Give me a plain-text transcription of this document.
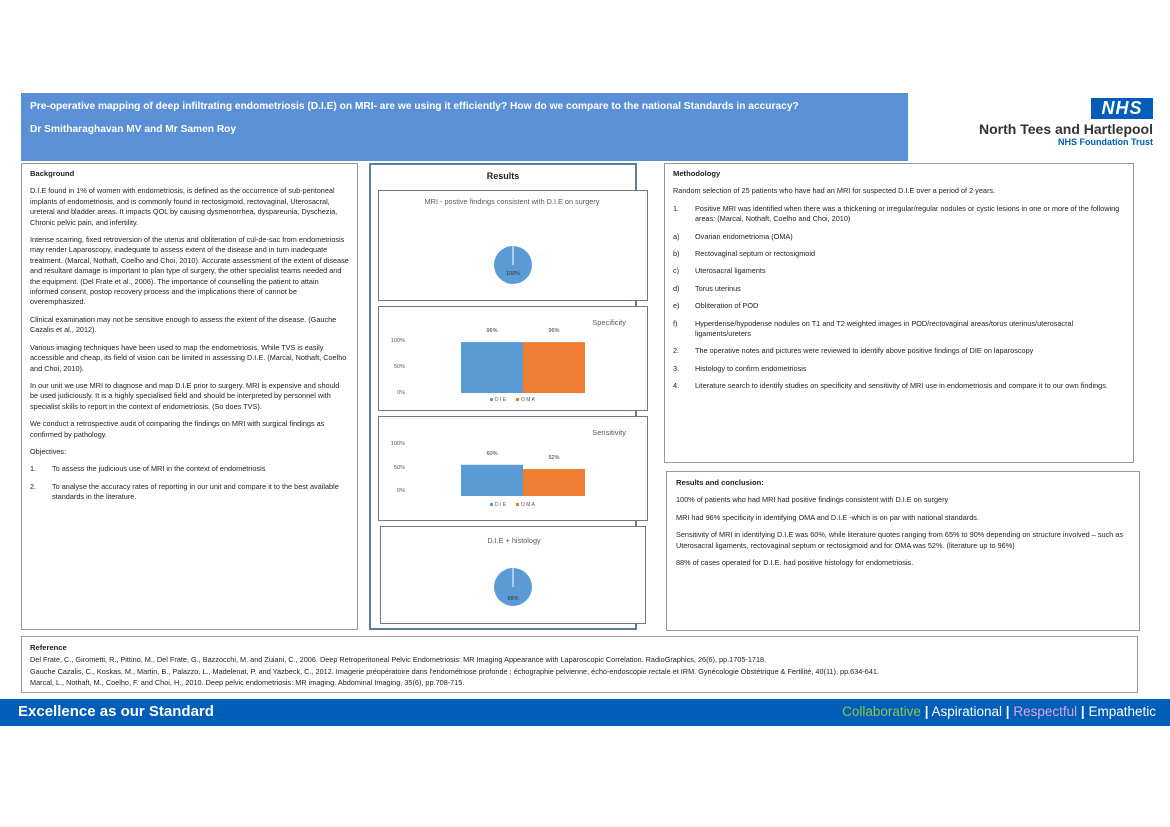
Pre-operative mapping of deep infiltrating endometriosis (D.I.E) on MRI- are we using it efficiently? How do we compare to the national Standards in accuracy?
Dr Smitharaghavan MV and Mr Samen Roy
NHS
North Tees and Hartlepool
NHS Foundation Trust
Background

D.I.E found in 1% of women with endometriosis, is defined as the occurrence of sub-peritoneal implants of endometriosis, and is commonly found in rectosigmoid, rectovaginal, Uterosacral, ureteral and bladder areas. It impacts QOL by causing dysmenorrhea, dyspareunia, Dyschezia, Chronic pelvic pain, and infertility.

Intense scarring, fixed retroversion of the uterus and obliteration of cul-de-sac from endometriosis may render Laparoscopy, inadequate to assess extent of the disease and in turn inadequate treatment. (Marcal, Nothaft, Coelho and Choi, 2010). Accurate assessment of the extent of disease and resultant damage is important to plan type of surgery, the other specialist teams needed and the equipment. (Del Frate et al., 2006). The importance of counselling the patient to attain informed consent, postop recovery process and the implications there of cannot be overemphasized.

Clinical examination may not be sensitive enough to assess the extent of the disease. (Gauche Cazalis et al., 2012).

Various imaging techniques have been used to map the endometriosis. While TVS is easily accessible and cheap, its field of vision can be limited in assessing D.I.E. (Marcal, Nothaft, Coelho and Choi, 2010).

In our unit we use MRI to diagnose and map D.I.E prior to surgery. MRI is expensive and should be used judiciously. It is a highly specialised field and should be interpreted by personnel with specialist skills to report in the context of endometriosis. (So does TVS).

We conduct a retrospective audit of comparing the findings on MRI with surgical findings as confirmed by pathology.

Objectives:

1.	To assess the judicious use of MRI in the context of endometriosis
2.	To analyse the accuracy rates of reporting in our unit and compare it to the best available standards in the literature.
Results
MRI - postive findings consistent with D.I.E on surgery
100%
Specificity
100%
50%
0%
96%	96%
D I E	O M A
Sensitivity
100%
50%
0%
60%
52%
D I E	O M A
D.I.E + histology
88%
Methodology

Random selection of 25 patients who have had an MRI for suspected D.I.E over a period of 2 years.

1.	Positive MRI was identified when there was a thickening or irregular/regular nodules or cystic lesions in one or more of the following areas: (Marcal, Nothaft, Coelho and Choi, 2010)
a)	Ovarian endometrioma (OMA)
b)	Rectovaginal septum or rectosigmoid
c)	Uterosacral ligaments
d)	Torus uterinus
e)	Obliteration of POD
f)	Hyperdense/hypodense nodules on T1 and T2 weighted images in POD/rectovaginal areas/torus uterinus/uterosacral ligaments/ureters
2.	The operative notes and pictures were reviewed to identify above positive findings of DIE on laparoscopy
3.	Histology to confirm endometriosis
4.	Literature search to identify studies on specificity and sensitivity of MRI use in endometriosis and compare it to our own findings.
Results and conclusion:

100% of patients who had MRI had positive findings consistent with D.I.E on surgery

MRI had 96% specificity in identifying OMA and D.I.E -which is on par with national standards.

Sensitivity of MRI in identifying D.I.E was 60%, while literature quotes ranging from 65% to 90% depending on structure involved – such as Uterosacral ligaments, rectovaginal septum or rectosigmoid and for OMA was 52%. (literature up to 96%)

88% of cases operated for D.I.E. had positive histology for endometriosis.

Reference

Del Frate, C., Girometti, R., Pittino, M., Del Frate, G., Bazzocchi, M. and Zuiani, C., 2006. Deep Retroperitoneal Pelvic Endometriosis: MR Imaging Appearance with Laparoscopic Correlation. RadioGraphics, 26(6), pp.1705-1718.

Gauche Cazalis, C., Koskas, M., Martin, B., Palazzo, L., Madelenat, P. and Yazbeck, C., 2012. Imagerie préopératoire dans l'endométriose profonde : échographie pelvienne, écho-endoscopie rectale et IRM. Gynécologie Obstétrique & Fertilité, 40(11), pp.634-641.

Marcal, L., Nothaft, M., Coelho, F. and Choi, H., 2010. Deep pelvic endometriosis: MR imaging. Abdominal Imaging, 35(6), pp.708-715.

Excellence as our Standard	Collaborative | Aspirational | Respectful | Empathetic
